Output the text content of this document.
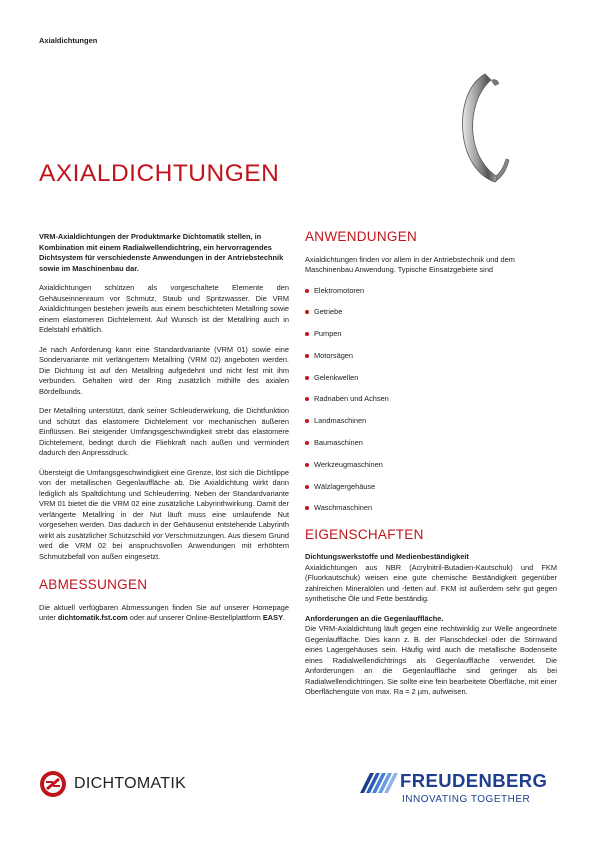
Axialdichtungen
AXIALDICHTUNGEN

VRM-Axialdichtungen der Produktmarke Dichtomatik stellen, in Kombination mit einem Radialwellendichtring, ein hervorragendes Dichtsystem für verschiedenste Anwendungen in der Antriebstechnik sowie im Maschinenbau dar.

Axialdichtungen schützen als vorgeschaltete Elemente den Gehäuseinnenraum vor Schmutz, Staub und Spritzwasser. Die VRM Axialdichtungen bestehen jeweils aus einem beschichteten Metallring sowie einem elastomeren Dichtelement. Auf Wunsch ist der Metallring auch in Edelstahl erhältlich.

Je nach Anforderung kann eine Standardvariante (VRM 01) sowie eine Sondervariante mit verlängertem Metallring (VRM 02) angeboten werden. Die Dichtung ist auf den Metallring aufgedehnt und nicht fest mit ihm verbunden. Gehalten wird der Ring zusätzlich mithilfe des axialen Bördelbunds.

Der Metallring unterstützt, dank seiner Schleuderwirkung, die Dichtfunktion und schützt das elastomere Dichtelement vor mechanischen äußeren Einflüssen. Bei steigender Umfangsgeschwindigkeit strebt das elastomere Dichtelement, bedingt durch die Fliehkraft nach außen und vermindert dadurch den Anpressdruck.

Übersteigt die Umfangsgeschwindigkeit eine Grenze, löst sich die Dichtlippe von der metallischen Gegenlauffläche ab. Die Axialdichtung wirkt dann lediglich als Spaltdichtung und Schleuderring. Neben der Standardvariante VRM 01 bietet die die VRM 02 eine zusätzliche Labyrinthwirkung. Damit der verlängerte Metallring in der Nut läuft muss eine umlaufende Nut vorgesehen werden. Das dadurch in der Gehäusenut entstehende Labyrinth wirkt als zusätzlicher Schutzschild vor Verschmutzungen. Aus diesem Grund wird die VRM 02 bei anspruchsvollen Anwendungen mit erhöhtem Schmutzbefall von außen eingesetzt.

ABMESSUNGEN

Die aktuell verfügbaren Abmessungen finden Sie auf unserer Homepage unter dichtomatik.fst.com oder auf unserer Online-Bestellplattform EASY.

ANWENDUNGEN

Axialdichtungen finden vor allem in der Antriebstechnik und dem Maschinenbau Anwendung. Typische Einsatzgebiete sind

Elektromotoren
Getriebe
Pumpen
Motorsägen
Gelenkwellen
Radnaben und Achsen
Landmaschinen
Baumaschinen
Werkzeugmaschinen
Wälzlagergehäuse
Waschmaschinen
EIGENSCHAFTEN

Dichtungswerkstoffe und Medienbeständigkeit

Axialdichtungen aus NBR (Acrylnitril-Butadien-Kautschuk) und FKM (Fluorkautschuk) weisen eine gute chemische Beständigkeit gegenüber zahlreichen Mineralölen und -fetten auf. FKM ist außerdem sehr gut gegen synthetische Öle und Fette beständig.

Anforderungen an die Gegenlauffläche.

Die VRM-Axialdichtung läuft gegen eine rechtwinklig zur Welle angeordnete Gegenlauffläche. Dies kann z. B. der Flanschdeckel oder die Stirnwand eines Lagergehäuses sein. Häufig wird auch die metallische Bodenseite eines Radialwellendichtrings als Gegenlauffläche verwendet. Die Anforderungen an die Gegenlauffläche sind geringer als bei Radialwellendichtringen. Sie sollte eine fein bearbeitete Oberfläche, mit einer Oberflächengüte von max. Ra = 2 µm, aufweisen.

DICHTOMATIK	FREUDENBERG
INNOVATING TOGETHER
